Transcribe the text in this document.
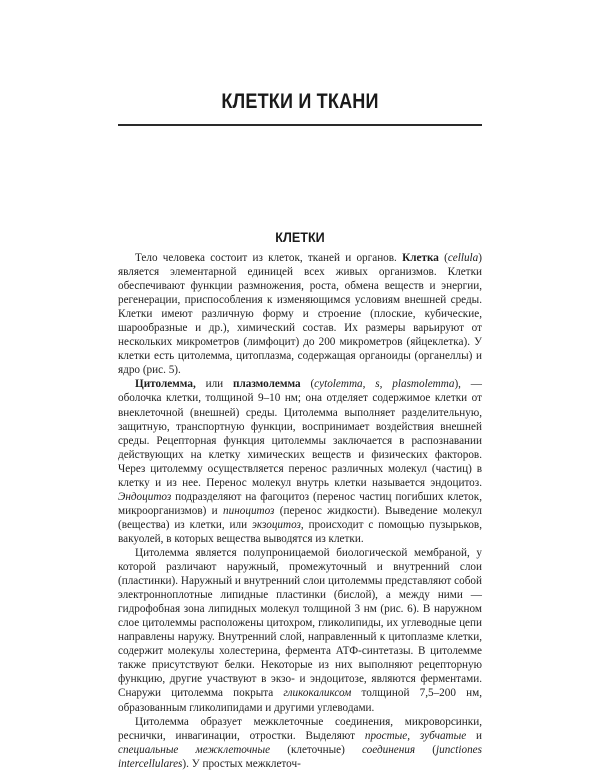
КЛЕТКИ И ТКАНИ
КЛЕТКИ

Тело человека состоит из клеток, тканей и органов. Клетка (cellula) является элементарной единицей всех живых организмов. Клетки обеспечивают функции размножения, роста, обмена веществ и энергии, регенерации, приспособления к изменяющимся условиям внешней среды. Клетки имеют различную форму и строение (плоские, кубические, шарообразные и др.), химический состав. Их размеры варьируют от нескольких микрометров (лимфоцит) до 200 микрометров (яйцеклетка). У клетки есть цитолемма, цитоплазма, содержащая органоиды (органеллы) и ядро (рис. 5).

Цитолемма, или плазмолемма (cytolemma, s, plasmolemma), — оболочка клетки, толщиной 9–10 нм; она отделяет содержимое клетки от внеклеточной (внешней) среды. Цитолемма выполняет разделительную, защитную, транспортную функции, воспринимает воздействия внешней среды. Рецепторная функция цитолеммы заключается в распознавании действующих на клетку химических веществ и физических факторов. Через цитолемму осуществляется перенос различных молекул (частиц) в клетку и из нее. Перенос молекул внутрь клетки называется эндоцитоз. Эндоцитоз подразделяют на фагоцитоз (перенос частиц погибших клеток, микроорганизмов) и пиноцитоз (перенос жидкости). Выведение молекул (вещества) из клетки, или экзоцитоз, происходит с помощью пузырьков, вакуолей, в которых вещества выводятся из клетки.

Цитолемма является полупроницаемой биологической мембраной, у которой различают наружный, промежуточный и внутренний слои (пластинки). Наружный и внутренний слои цитолеммы представляют собой электронноплотные липидные пластинки (бислой), а между ними — гидрофобная зона липидных молекул толщиной 3 нм (рис. 6). В наружном слое цитолеммы расположены цитохром, гликолипиды, их углеводные цепи направлены наружу. Внутренний слой, направленный к цитоплазме клетки, содержит молекулы холестерина, фермента АТФ-синтетазы. В цитолемме также присутствуют белки. Некоторые из них выполняют рецепторную функцию, другие участвуют в экзо- и эндоцитозе, являются ферментами. Снаружи цитолемма покрыта гликокаликсом толщиной 7,5–200 нм, образованным гликолипидами и другими углеводами.

Цитолемма образует межклеточные соединения, микроворсинки, реснички, инвагинации, отростки. Выделяют простые, зубчатые и специальные межклеточные (клеточные) соединения (junctiones intercellulares). У простых межклеточ-
